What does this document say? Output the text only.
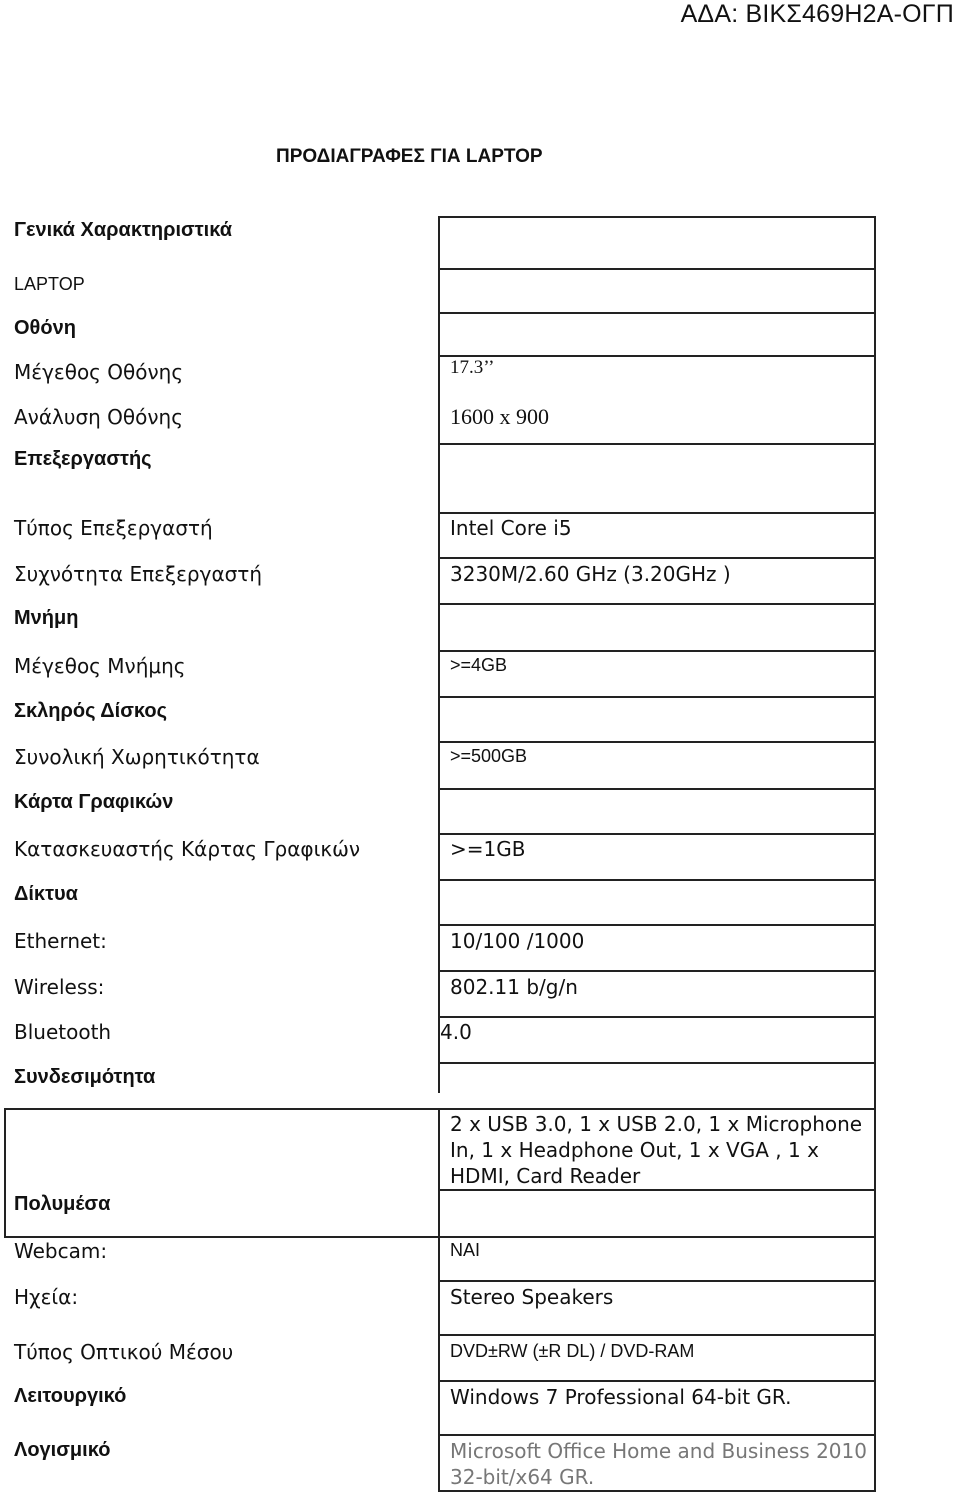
ΑΔΑ: ΒΙΚΣ469Η2Α-ΟΓΠ
ΠΡΟΔΙΑΓΡΑΦΕΣ ΓΙΑ LAPTOP
Γενικά Χαρακτηριστικά
LAPTOP
Οθόνη
Μέγεθος Οθόνης
Ανάλυση Οθόνης
Επεξεργαστής
Τύπος Επεξεργαστή
Συχνότητα Επεξεργαστή
Μνήμη
Μέγεθος Μνήμης
Σκληρός Δίσκος
Συνολική Χωρητικότητα
Κάρτα Γραφικών
Κατασκευαστής Κάρτας Γραφικών
Δίκτυα
Ethernet:
Wireless:
Bluetooth
Συνδεσιμότητα
Πολυμέσα
Webcam:
Ηχεία:
Τύπος Οπτικού Μέσου
Λειτουργικό
Λογισμικό
17.3’’
1600 x 900
Intel Core i5
3230M/2.60 GHz (3.20GHz )
>=4GB
>=500GB
>=1GB
10/100 /1000
802.11 b/g/n
4.0
2 x USB 3.0, 1 x USB 2.0, 1 x Microphone In, 1 x Headphone Out, 1 x VGA , 1 x HDMI, Card Reader
ΝΑΙ
Stereo Speakers
DVD±RW (±R DL) / DVD-RAM
Windows 7 Professional 64-bit GR.
Microsoft Office Home and Business 2010 32-bit/x64 GR.
